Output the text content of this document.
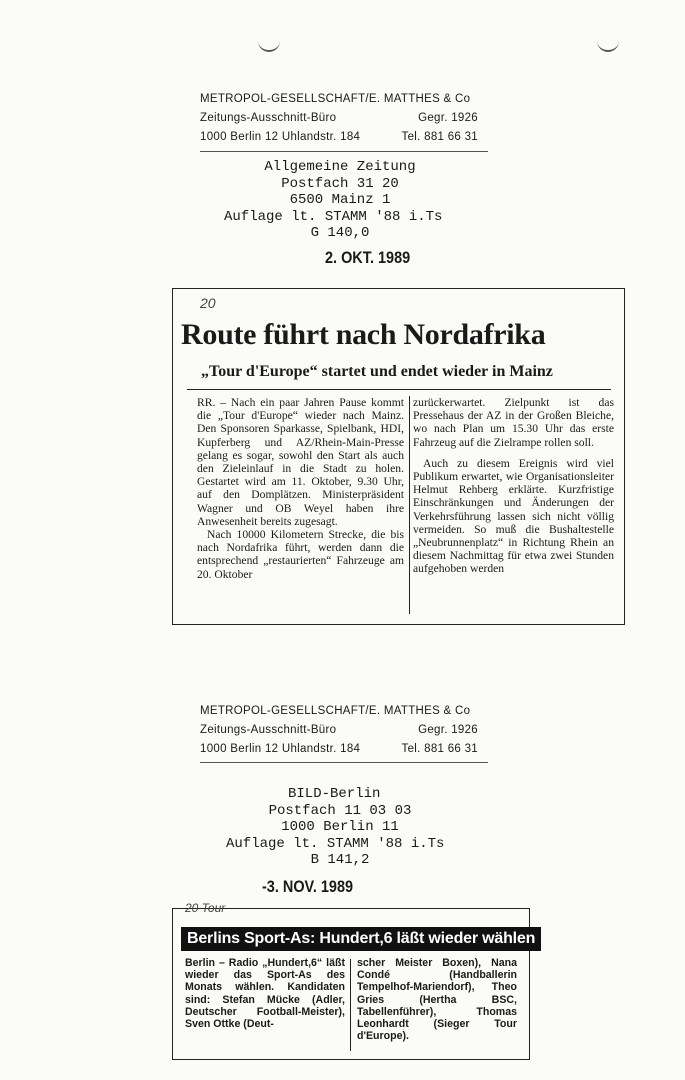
METROPOL-GESELLSCHAFT/E. MATTHES & Co
Zeitungs-Ausschnitt-Büro	Gegr. 1926
1000 Berlin 12 Uhlandstr. 184	Tel. 881 66 31
Allgemeine Zeitung
Postfach 31 20
6500 Mainz 1
Auflage lt. STAMM '88 i.Ts
G 140,0
2. OKT. 1989
20
Route führt nach Nordafrika
„Tour d'Europe“ startet und endet wieder in Mainz

RR. – Nach ein paar Jahren Pause kommt die „Tour d'Europe“ wieder nach Mainz. Den Sponsoren Sparkasse, Spielbank, HDI, Kupferberg und AZ/Rhein-Main-Presse gelang es sogar, sowohl den Start als auch den Zieleinlauf in die Stadt zu holen. Gestartet wird am 11. Oktober, 9.30 Uhr, auf den Domplätzen. Ministerpräsident Wagner und OB Weyel haben ihre Anwesenheit bereits zugesagt.

Nach 10000 Kilometern Strecke, die bis nach Nordafrika führt, werden dann die entsprechend „restaurierten“ Fahrzeuge am 20. Oktober

zurückerwartet. Zielpunkt ist das Pressehaus der AZ in der Großen Bleiche, wo nach Plan um 15.30 Uhr das erste Fahrzeug auf die Zielrampe rollen soll.

Auch zu diesem Ereignis wird viel Publikum erwartet, wie Organisationsleiter Helmut Rehberg erklärte. Kurzfristige Einschränkungen und Änderungen der Verkehrsführung lassen sich nicht völlig vermeiden. So muß die Bushaltestelle „Neubrunnenplatz“ in Richtung Rhein an diesem Nachmittag für etwa zwei Stunden aufgehoben werden

METROPOL-GESELLSCHAFT/E. MATTHES & Co
Zeitungs-Ausschnitt-Büro	Gegr. 1926
1000 Berlin 12 Uhlandstr. 184	Tel. 881 66 31
BILD-Berlin
Postfach 11 03 03
1000 Berlin 11
Auflage lt. STAMM '88 i.Ts
B 141,2
-3. NOV. 1989
20 Tour
Berlins Sport-As: Hundert,6 läßt wieder wählen
Berlin – Radio „Hundert,6“ läßt wieder das Sport-As des Monats wählen. Kandidaten sind: Stefan Mücke (Adler, Deutscher Football-Meister), Sven Ottke (Deut-
scher Meister Boxen), Nana Condé (Handballerin Tempelhof-Mariendorf), Theo Gries (Hertha BSC, Tabellenführer), Thomas Leonhardt (Sieger Tour d'Europe).
